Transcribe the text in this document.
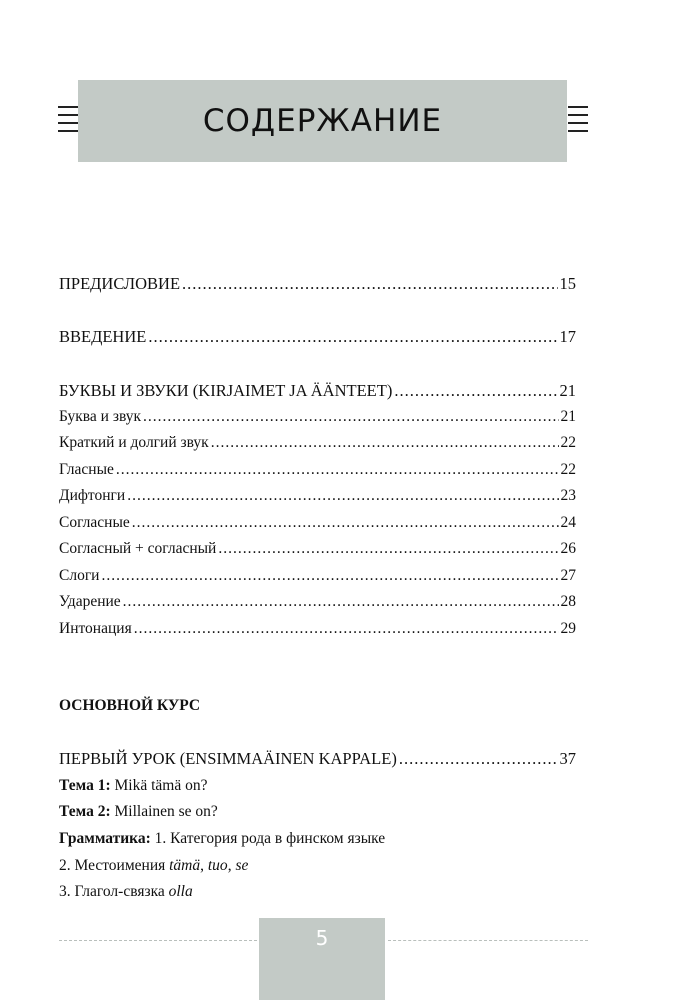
СОДЕРЖАНИЕ
ПРЕДИСЛОВИЕ .....	15
ВВЕДЕНИЕ .....	17
БУКВЫ И ЗВУКИ (KIRJAIMET JA ÄÄNTEET) .....	21
Буква и звук .....	21
Краткий и долгий звук .....	22
Гласные .....	22
Дифтонги .....	23
Согласные .....	24
Согласный + согласный .....	26
Слоги .....	27
Ударение .....	28
Интонация .....	29
ОСНОВНОЙ КУРС
ПЕРВЫЙ УРОК (ENSIMMAÄINEN KAPPALE) .....	37
Тема 1: Mikä tämä on?
Тема 2: Millainen se on?
Грамматика: 1. Категория рода в финском языке
2. Местоимения tämä, tuo, se
3. Глагол-связка olla
5
